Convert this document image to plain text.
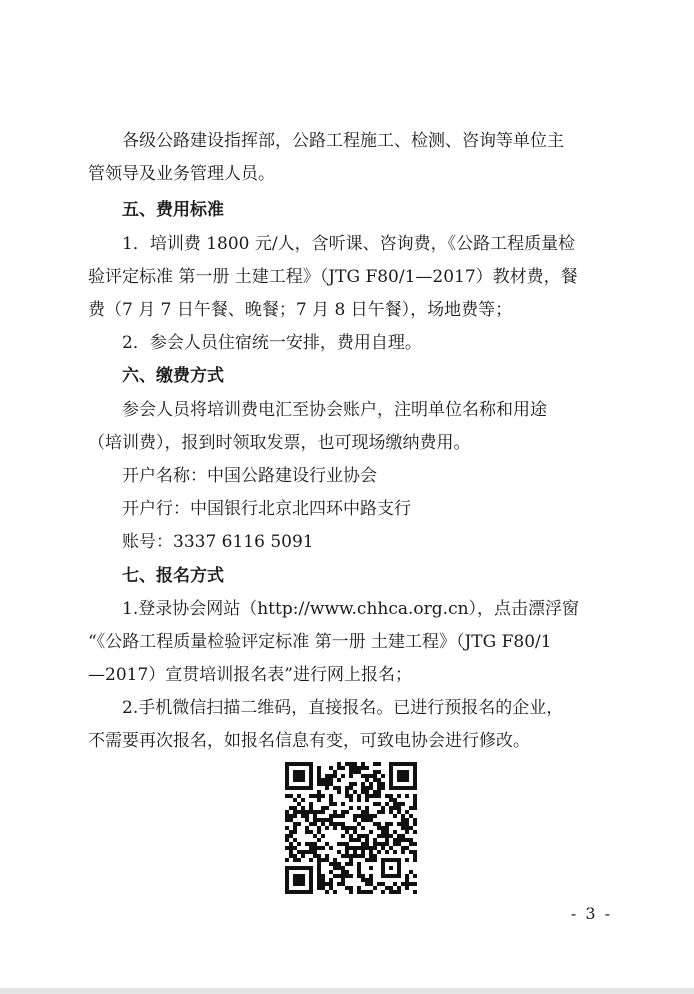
各级公路建设指挥部，公路工程施工、检测、咨询等单位主
管领导及业务管理人员。
五、费用标准
1．培训费 1800 元/人，含听课、咨询费，《公路工程质量检
验评定标准 第一册 土建工程》（JTG F80/1—2017）教材费，餐
费（7 月 7 日午餐、晚餐；7 月 8 日午餐），场地费等；
2．参会人员住宿统一安排，费用自理。
六、缴费方式
参会人员将培训费电汇至协会账户，注明单位名称和用途
（培训费），报到时领取发票，也可现场缴纳费用。
开户名称：中国公路建设行业协会
开户行：中国银行北京北四环中路支行
账号：3337 6116 5091
七、报名方式
1.登录协会网站（http://www.chhca.org.cn），点击漂浮窗
“《公路工程质量检验评定标准 第一册 土建工程》（JTG F80/1
—2017）宣贯培训报名表”进行网上报名；
2.手机微信扫描二维码，直接报名。已进行预报名的企业，
不需要再次报名，如报名信息有变，可致电协会进行修改。
- 3 -
